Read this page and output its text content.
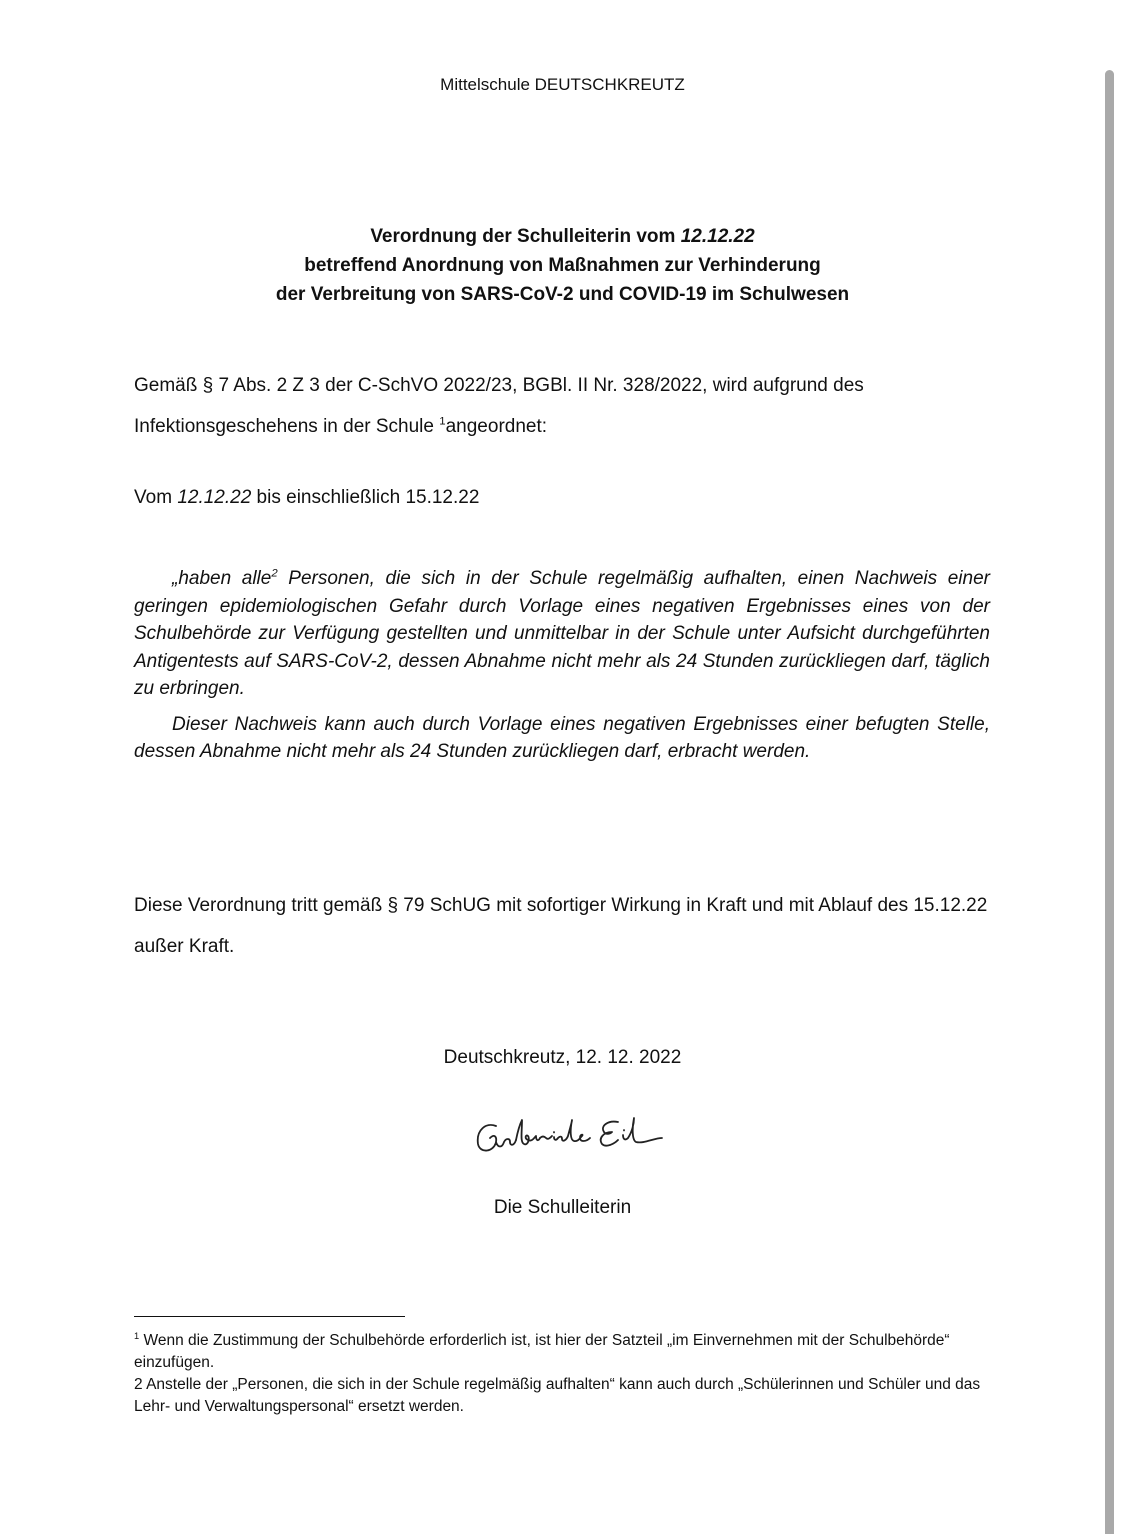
Mittelschule DEUTSCHKREUTZ
Verordnung der Schulleiterin vom 12.12.22
betreffend Anordnung von Maßnahmen zur Verhinderung
der Verbreitung von SARS-CoV-2 und COVID-19 im Schulwesen
Gemäß § 7 Abs. 2 Z 3 der C-SchVO 2022/23, BGBl. II Nr. 328/2022, wird aufgrund des Infektionsgeschehens in der Schule $^1$angeordnet:
Vom 12.12.22 bis einschließlich 15.12.22

„haben alle$^2$ Personen, die sich in der Schule regelmäßig aufhalten, einen Nachweis einer geringen epidemiologischen Gefahr durch Vorlage eines negativen Ergebnisses eines von der Schulbehörde zur Verfügung gestellten und unmittelbar in der Schule unter Aufsicht durchgeführten Antigentests auf SARS-CoV-2, dessen Abnahme nicht mehr als 24 Stunden zurückliegen darf, täglich zu erbringen.

Dieser Nachweis kann auch durch Vorlage eines negativen Ergebnisses einer befugten Stelle, dessen Abnahme nicht mehr als 24 Stunden zurückliegen darf, erbracht werden.

Diese Verordnung tritt gemäß § 79 SchUG mit sofortiger Wirkung in Kraft und mit Ablauf des 15.12.22 außer Kraft.
Deutschkreutz, 12. 12. 2022
Die Schulleiterin
$^1$ Wenn die Zustimmung der Schulbehörde erforderlich ist, ist hier der Satzteil „im Einvernehmen mit der Schulbehörde“ einzufügen.
2 Anstelle der „Personen, die sich in der Schule regelmäßig aufhalten“ kann auch durch „Schülerinnen und Schüler und das Lehr- und Verwaltungspersonal“ ersetzt werden.
